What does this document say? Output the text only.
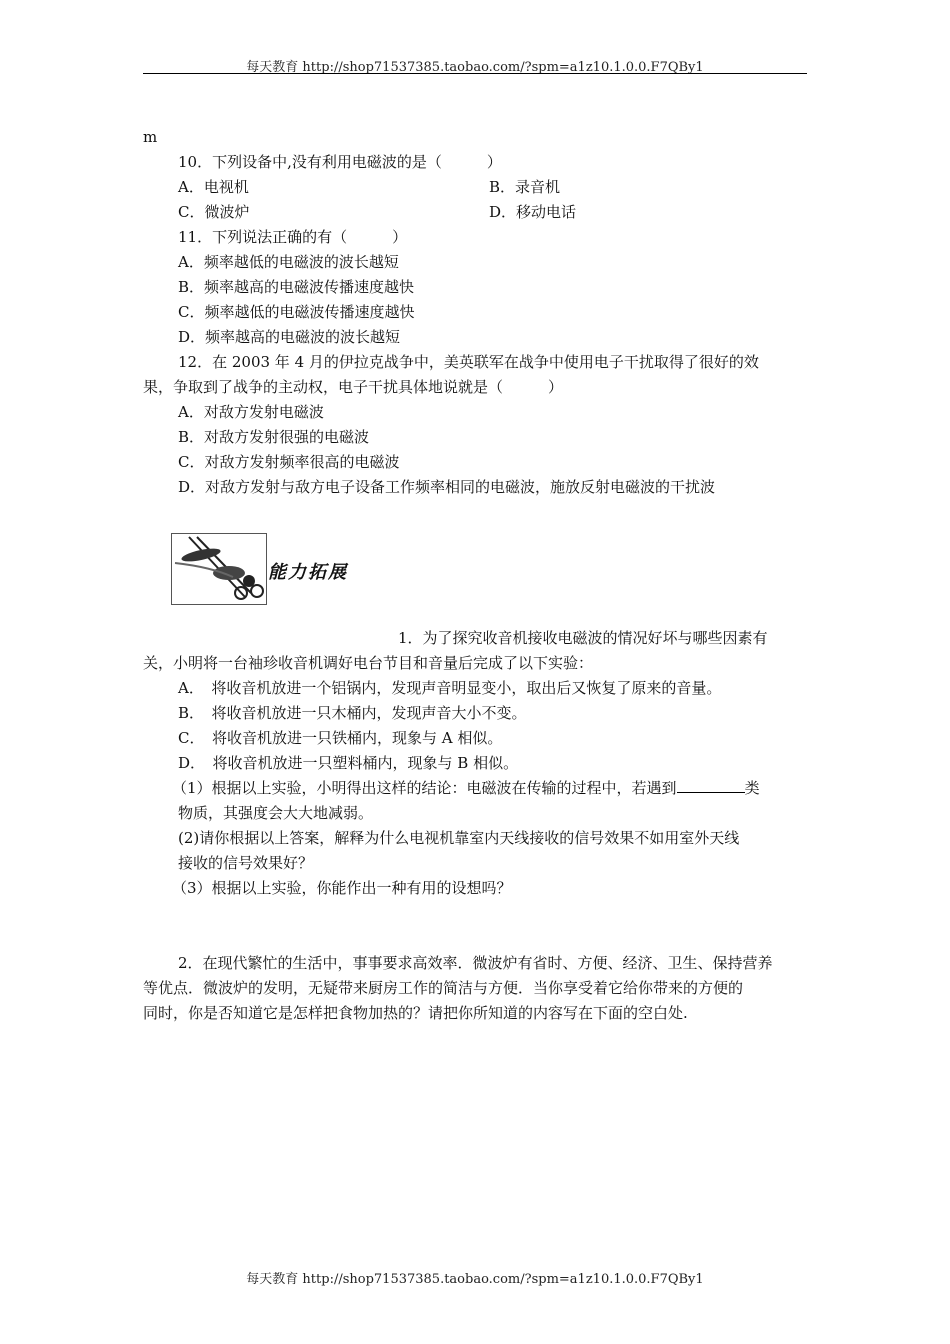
每天教育 http://shop71537385.taobao.com/?spm=a1z10.1.0.0.F7QBy1
m
10．下列设备中,没有利用电磁波的是（　　　）
A．电视机	B．录音机
C．微波炉	D．移动电话
11．下列说法正确的有（　　　）
A．频率越低的电磁波的波长越短
B．频率越高的电磁波传播速度越快
C．频率越低的电磁波传播速度越快
D．频率越高的电磁波的波长越短
12．在 2003 年 4 月的伊拉克战争中，美英联军在战争中使用电子干扰取得了很好的效
果，争取到了战争的主动权，电子干扰具体地说就是（　　　）
A．对敌方发射电磁波
B．对敌方发射很强的电磁波
C．对敌方发射频率很高的电磁波
D．对敌方发射与敌方电子设备工作频率相同的电磁波，施放反射电磁波的干扰波
能力拓展
1．为了探究收音机接收电磁波的情况好坏与哪些因素有
关，小明将一台袖珍收音机调好电台节目和音量后完成了以下实验：
A．　将收音机放进一个铝锅内，发现声音明显变小，取出后又恢复了原来的音量。
B．　将收音机放进一只木桶内，发现声音大小不变。
C．　将收音机放进一只铁桶内，现象与 A 相似。
D．　将收音机放进一只塑料桶内，现象与 B 相似。
（1）根据以上实验，小明得出这样的结论：电磁波在传输的过程中，若遇到	类
物质，其强度会大大地减弱。
(2)请你根据以上答案，解释为什么电视机靠室内天线接收的信号效果不如用室外天线
接收的信号效果好？
（3）根据以上实验，你能作出一种有用的设想吗？
2．在现代繁忙的生活中，事事要求高效率．微波炉有省时、方便、经济、卫生、保持营养
等优点．微波炉的发明，无疑带来厨房工作的简洁与方便．当你享受着它给你带来的方便的
同时，你是否知道它是怎样把食物加热的？请把你所知道的内容写在下面的空白处.
每天教育 http://shop71537385.taobao.com/?spm=a1z10.1.0.0.F7QBy1
